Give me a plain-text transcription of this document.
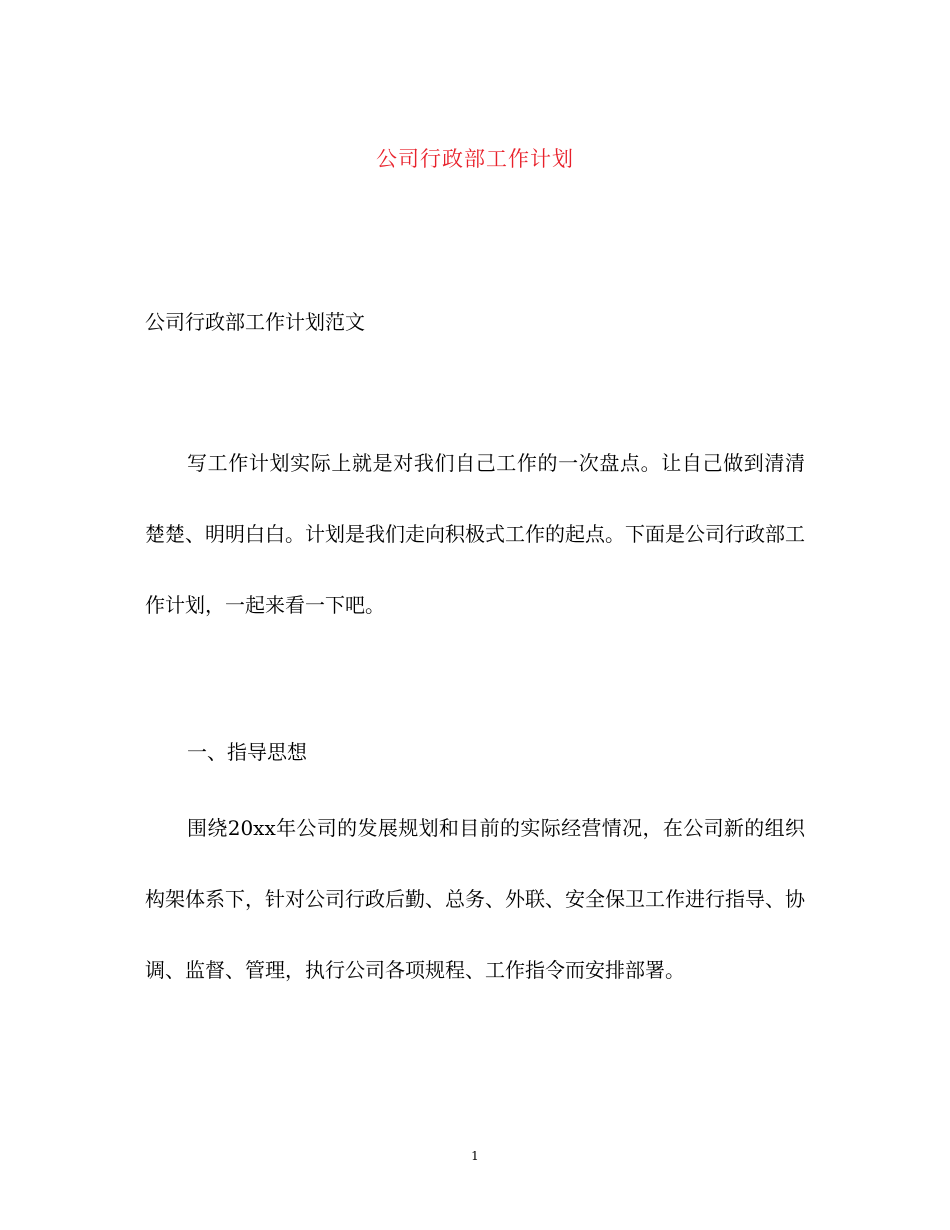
公司行政部工作计划
公司行政部工作计划范文

写工作计划实际上就是对我们自己工作的一次盘点。让自己做到清清楚楚、明明白白。计划是我们走向积极式工作的起点。下面是公司行政部工作计划，一起来看一下吧。

一、指导思想

围绕20xx年公司的发展规划和目前的实际经营情况，在公司新的组织构架体系下，针对公司行政后勤、总务、外联、安全保卫工作进行指导、协调、监督、管理，执行公司各项规程、工作指令而安排部署。

1
